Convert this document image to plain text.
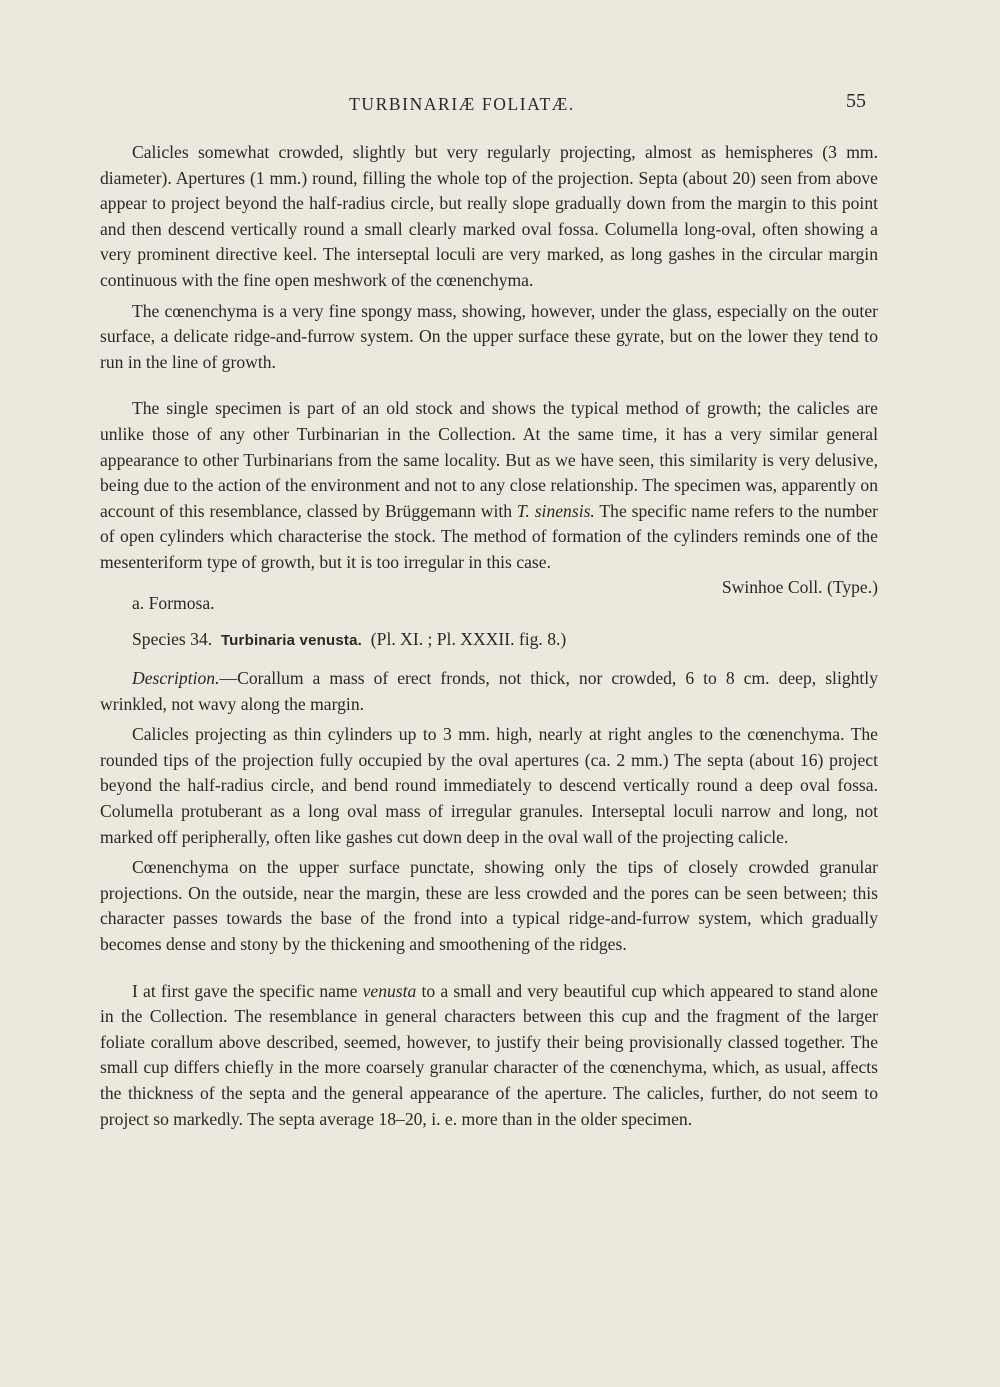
TURBINARIÆ FOLIATÆ.	55

Calicles somewhat crowded, slightly but very regularly projecting, almost as hemispheres (3 mm. diameter). Apertures (1 mm.) round, filling the whole top of the projection. Septa (about 20) seen from above appear to project beyond the half-radius circle, but really slope gradually down from the margin to this point and then descend vertically round a small clearly marked oval fossa. Columella long-oval, often showing a very prominent directive keel. The interseptal loculi are very marked, as long gashes in the circular margin continuous with the fine open meshwork of the cœnenchyma.

The cœnenchyma is a very fine spongy mass, showing, however, under the glass, especially on the outer surface, a delicate ridge-and-furrow system. On the upper surface these gyrate, but on the lower they tend to run in the line of growth.

The single specimen is part of an old stock and shows the typical method of growth; the calicles are unlike those of any other Turbinarian in the Collection. At the same time, it has a very similar general appearance to other Turbinarians from the same locality. But as we have seen, this similarity is very delusive, being due to the action of the environment and not to any close relationship. The specimen was, apparently on account of this resemblance, classed by Brüggemann with T. sinensis. The specific name refers to the number of open cylinders which characterise the stock. The method of formation of the cylinders reminds one of the mesenteriform type of growth, but it is too irregular in this case.

a. Formosa.
Swinhoe Coll. (Type.)

Species 34. Turbinaria venusta. (Pl. XI. ; Pl. XXXII. fig. 8.)

Description.—Corallum a mass of erect fronds, not thick, nor crowded, 6 to 8 cm. deep, slightly wrinkled, not wavy along the margin.

Calicles projecting as thin cylinders up to 3 mm. high, nearly at right angles to the cœnenchyma. The rounded tips of the projection fully occupied by the oval apertures (ca. 2 mm.) The septa (about 16) project beyond the half-radius circle, and bend round immediately to descend vertically round a deep oval fossa. Columella protuberant as a long oval mass of irregular granules. Interseptal loculi narrow and long, not marked off peripherally, often like gashes cut down deep in the oval wall of the projecting calicle.

Cœnenchyma on the upper surface punctate, showing only the tips of closely crowded granular projections. On the outside, near the margin, these are less crowded and the pores can be seen between; this character passes towards the base of the frond into a typical ridge-and-furrow system, which gradually becomes dense and stony by the thickening and smoothening of the ridges.

I at first gave the specific name venusta to a small and very beautiful cup which appeared to stand alone in the Collection. The resemblance in general characters between this cup and the fragment of the larger foliate corallum above described, seemed, however, to justify their being provisionally classed together. The small cup differs chiefly in the more coarsely granular character of the cœnenchyma, which, as usual, affects the thickness of the septa and the general appearance of the aperture. The calicles, further, do not seem to project so markedly. The septa average 18–20, i. e. more than in the older specimen.
